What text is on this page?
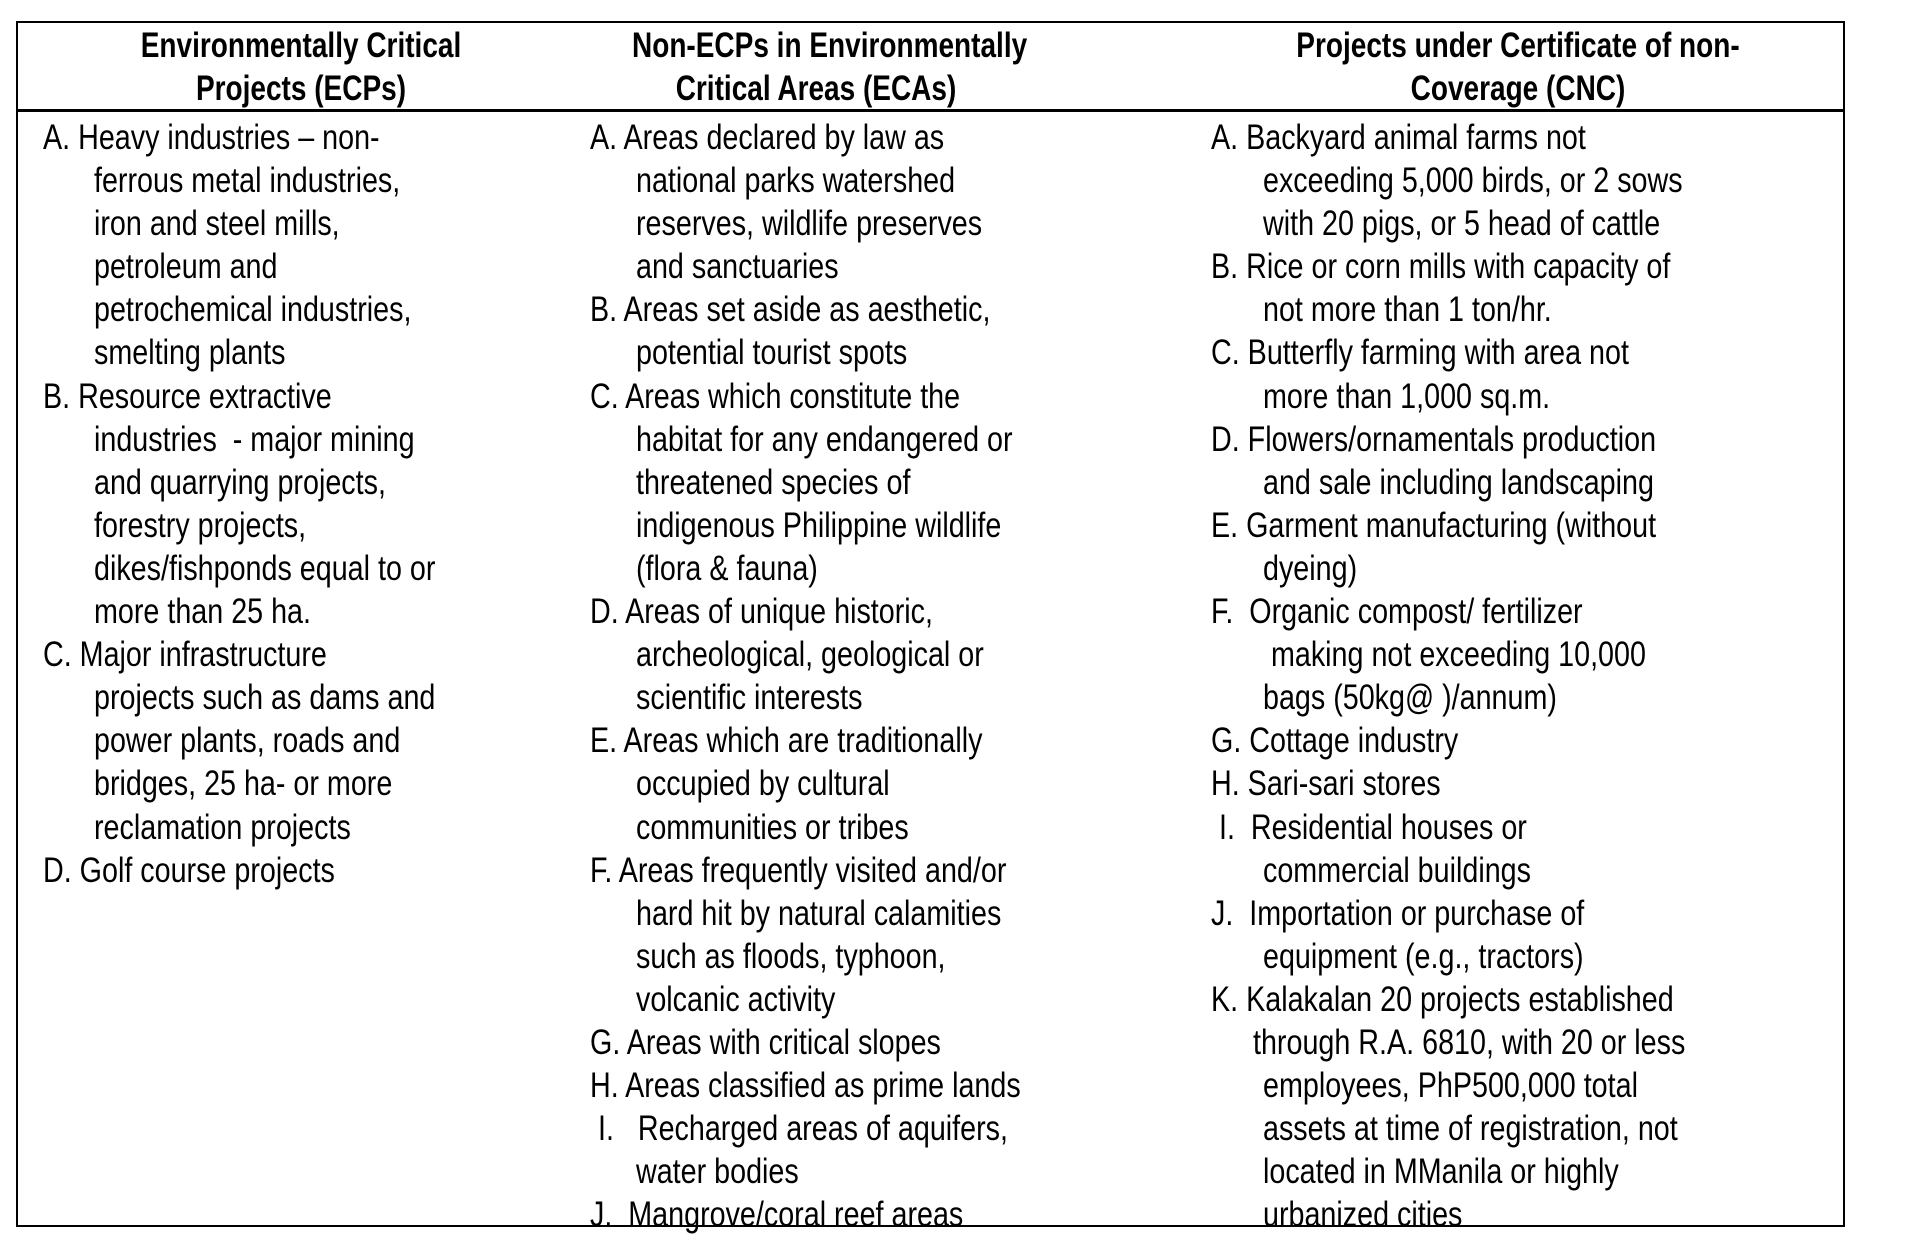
Environmentally Critical
Projects (ECPs)
Non-ECPs in Environmentally
Critical Areas (ECAs)
Projects under Certificate of non-
Coverage (CNC)
A. Heavy industries – non-
ferrous metal industries,
iron and steel mills,
petroleum and
petrochemical industries,
smelting plants
B. Resource extractive
industries  - major mining
and quarrying projects,
forestry projects,
dikes/fishponds equal to or
more than 25 ha.
C. Major infrastructure
projects such as dams and
power plants, roads and
bridges, 25 ha- or more
reclamation projects
D. Golf course projects
A. Areas declared by law as
national parks watershed
reserves, wildlife preserves
and sanctuaries
B. Areas set aside as aesthetic,
potential tourist spots
C. Areas which constitute the
habitat for any endangered or
threatened species of
indigenous Philippine wildlife
(flora & fauna)
D. Areas of unique historic,
archeological, geological or
scientific interests
E. Areas which are traditionally
occupied by cultural
communities or tribes
F. Areas frequently visited and/or
hard hit by natural calamities
such as floods, typhoon,
volcanic activity
G. Areas with critical slopes
H. Areas classified as prime lands
I.   Recharged areas of aquifers,
water bodies
J.  Mangrove/coral reef areas
A. Backyard animal farms not
exceeding 5,000 birds, or 2 sows
with 20 pigs, or 5 head of cattle
B. Rice or corn mills with capacity of
not more than 1 ton/hr.
C. Butterfly farming with area not
more than 1,000 sq.m.
D. Flowers/ornamentals production
and sale including landscaping
E. Garment manufacturing (without
dyeing)
F.  Organic compost/ fertilizer
making not exceeding 10,000
bags (50kg@ )/annum)
G. Cottage industry
H. Sari-sari stores
I.  Residential houses or
commercial buildings
J.  Importation or purchase of
equipment (e.g., tractors)
K. Kalakalan 20 projects established
through R.A. 6810, with 20 or less
employees, PhP500,000 total
assets at time of registration, not
located in MManila or highly
urbanized cities
